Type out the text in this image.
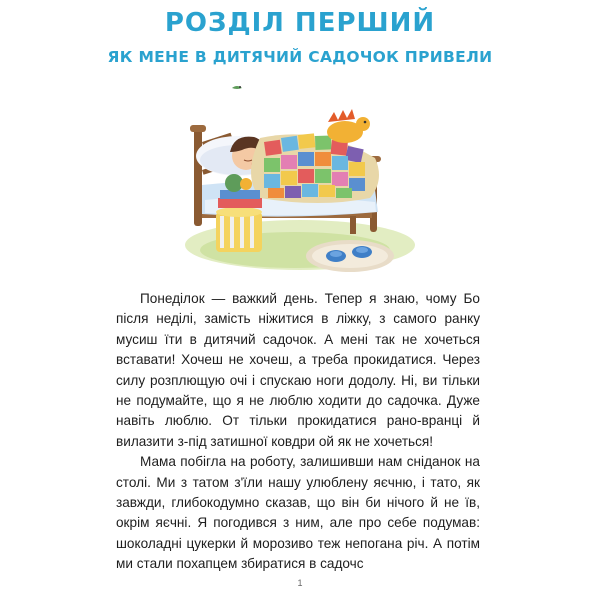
РОЗДІЛ ПЕРШИЙ
ЯК МЕНЕ В ДИТЯЧИЙ САДОЧОК ПРИВЕЛИ

Понеділок — важкий день. Тепер я знаю, чому Бо після неділі, замість ніжитися в ліжку, з самого ранку мусиш їти в дитячий садочок. А мені так не хочеться вставати! Хочеш не хочеш, а треба прокидатися. Через силу розплющую очі і спускаю ноги додолу. Ні, ви тільки не подумайте, що я не люблю ходити до садочка. Дуже навіть люблю. От тільки прокидатися рано-вранці й вилазити з-під затишної ковдри ой як не хочеться!

Мама побігла на роботу, залишивши нам сніданок на столі. Ми з татом з'їли нашу улюблену яєчню, і тато, як завжди, глибокодумно сказав, що він би нічого й не їв, окрім яєчні. Я погодився з ним, але про себе подумав: шоколадні цукерки й морозиво теж непогана річ. А потім ми стали похапцем збиратися в садочс

1
